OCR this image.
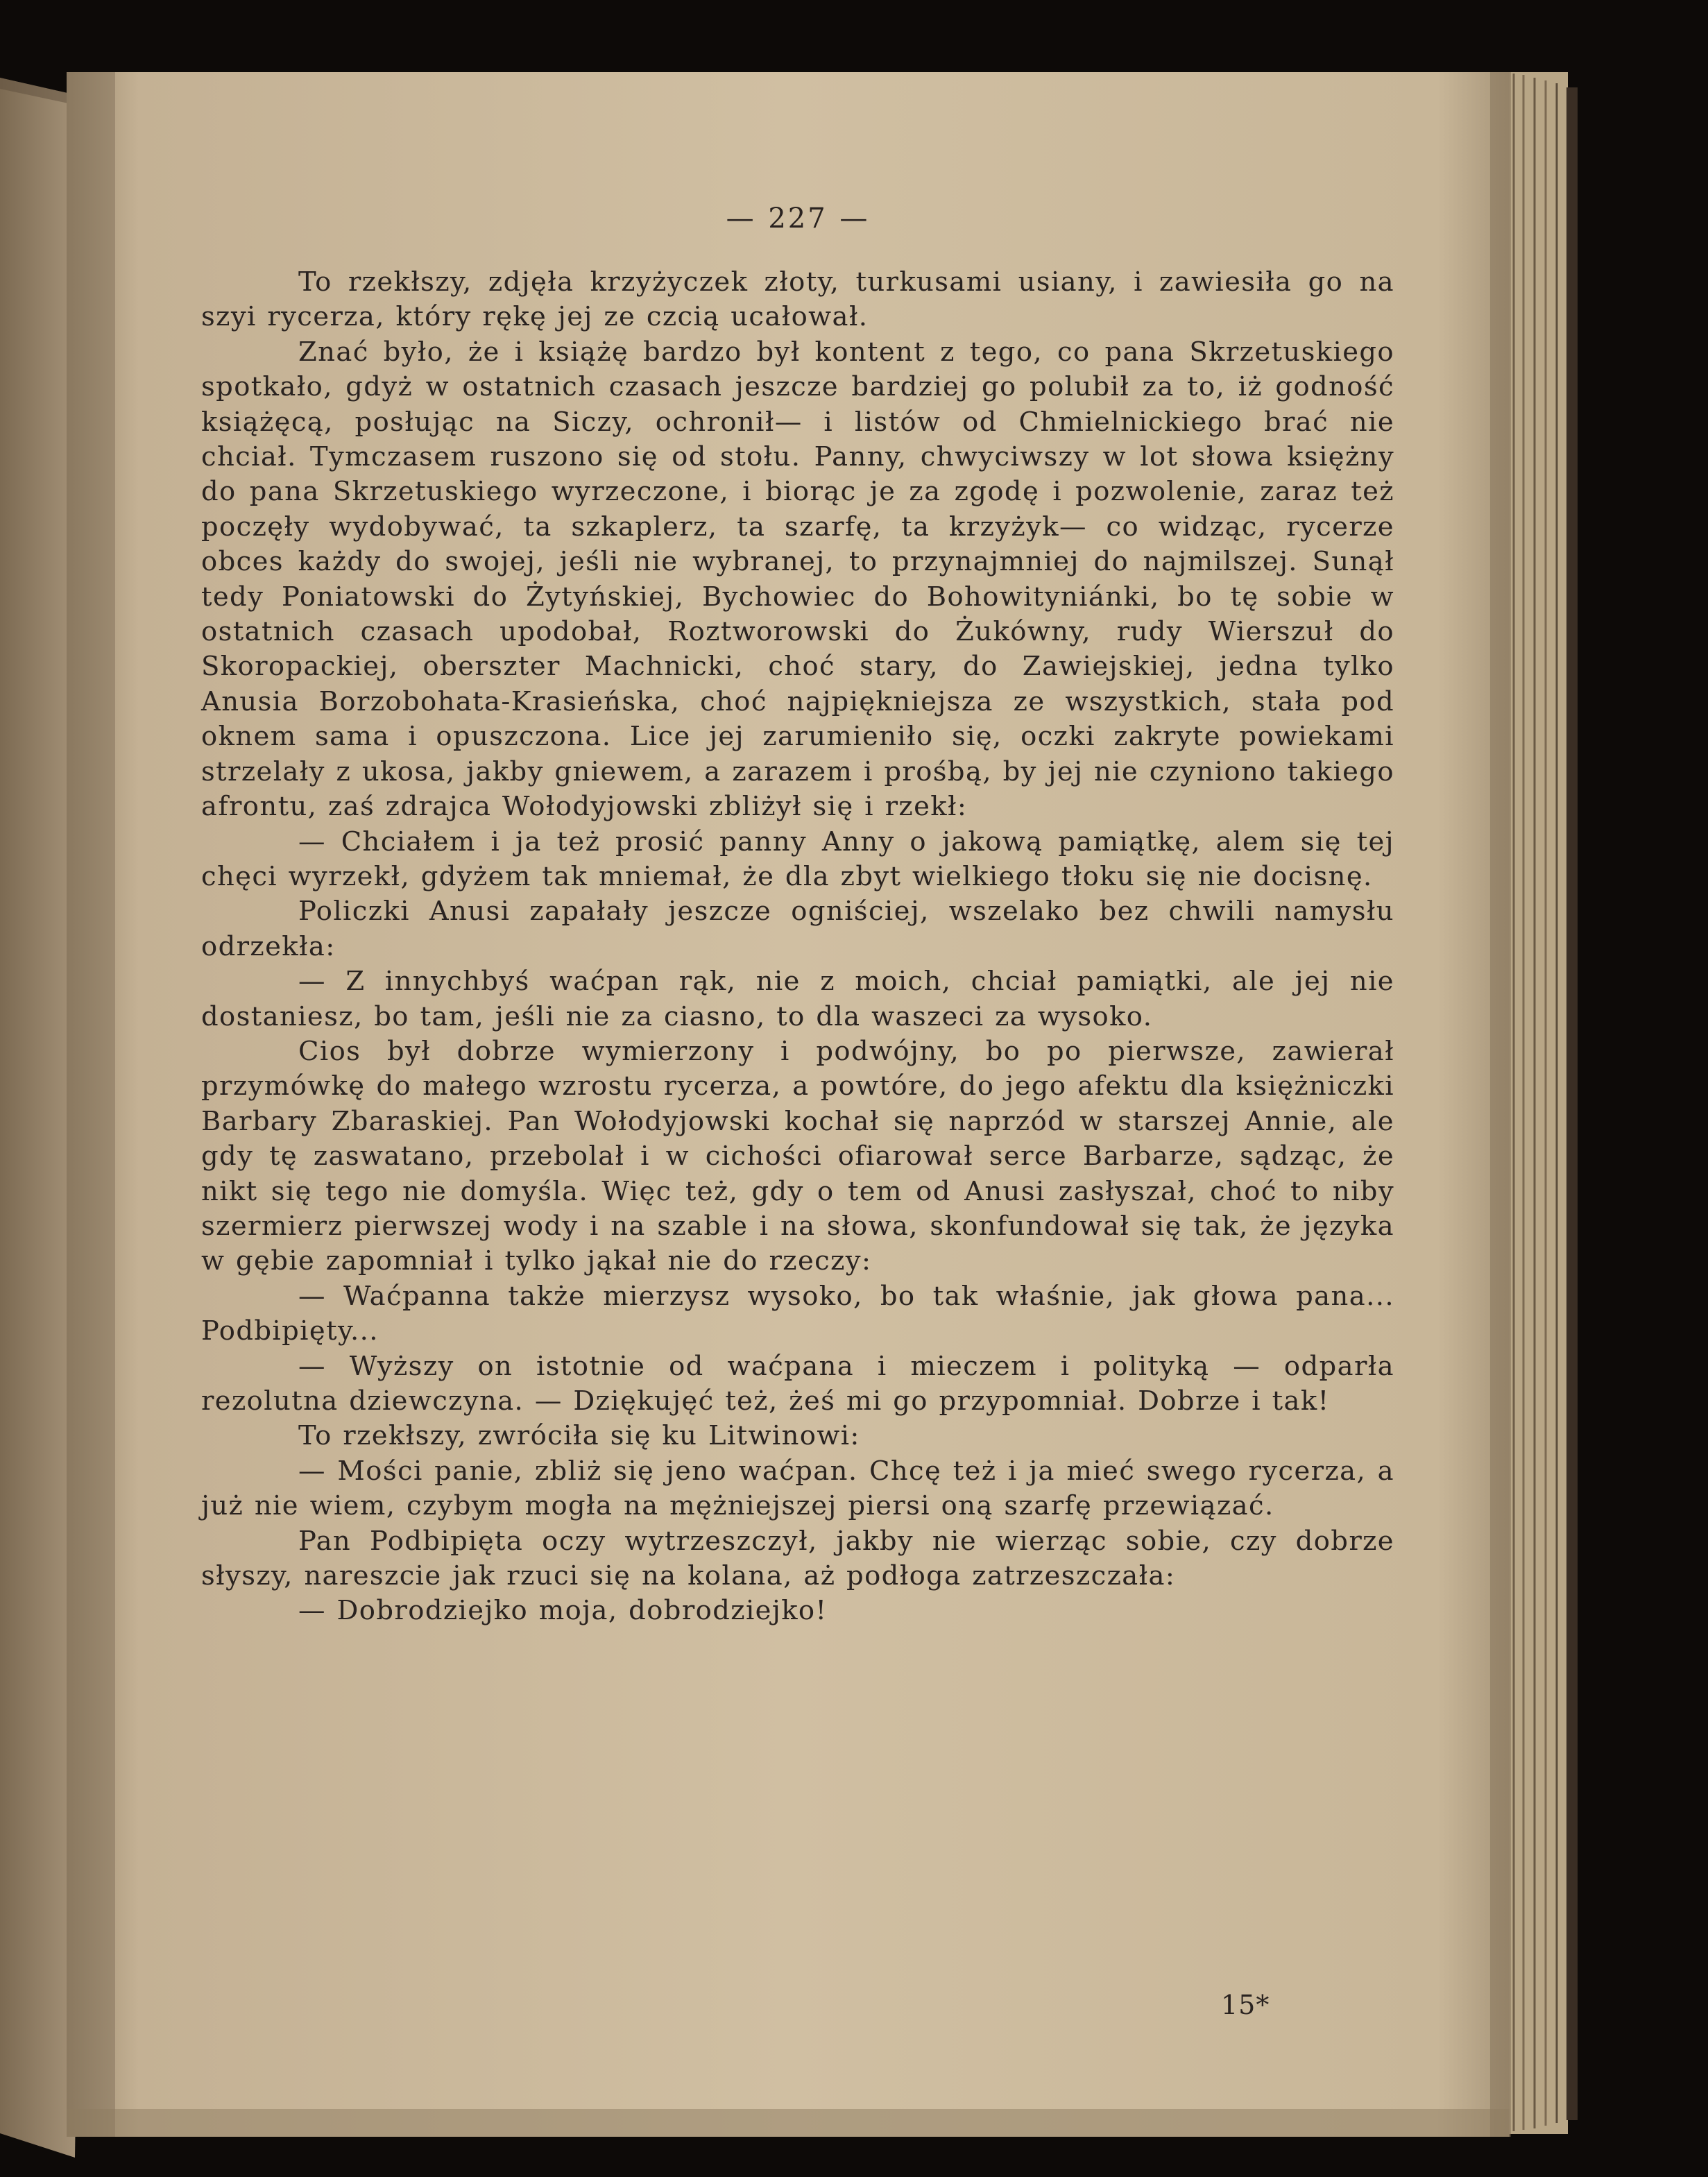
— 227 —

To rzekłszy, zdjęła krzyżyczek złoty, turkusami usiany, i zawiesiła go na szyi rycerza, który rękę jej ze czcią ucałował.

Znać było, że i książę bardzo był kontent z tego, co pana Skrzetuskiego spotkało, gdyż w ostatnich czasach jeszcze bardziej go polubił za to, iż godność książęcą, posłując na Siczy, ochronił— i listów od Chmielnickiego brać nie chciał. Tymczasem ruszono się od stołu. Panny, chwyciwszy w lot słowa księżny do pana Skrzetuskiego wyrzeczone, i biorąc je za zgodę i pozwolenie, zaraz też poczęły wydobywać, ta szkaplerz, ta szarfę, ta krzyżyk— co widząc, rycerze obces każdy do swojej, jeśli nie wybranej, to przynajmniej do najmilszej. Sunął tedy Poniatowski do Żytyńskiej, Bychowiec do Bohowityniánki, bo tę sobie w ostatnich czasach upodobał, Roztworowski do Żukówny, rudy Wierszuł do Skoropackiej, oberszter Machnicki, choć stary, do Zawiejskiej, jedna tylko Anusia Borzobohata-Krasieńska, choć najpiękniejsza ze wszystkich, stała pod oknem sama i opuszczona. Lice jej zarumieniło się, oczki zakryte powiekami strzelały z ukosa, jakby gniewem, a zarazem i prośbą, by jej nie czyniono takiego afrontu, zaś zdrajca Wołodyjowski zbliżył się i rzekł:

— Chciałem i ja też prosić panny Anny o jakową pamiątkę, alem się tej chęci wyrzekł, gdyżem tak mniemał, że dla zbyt wielkiego tłoku się nie docisnę.

Policzki Anusi zapałały jeszcze ogniściej, wszelako bez chwili namysłu odrzekła:

— Z innychbyś waćpan rąk, nie z moich, chciał pamiątki, ale jej nie dostaniesz, bo tam, jeśli nie za ciasno, to dla waszeci za wysoko.

Cios był dobrze wymierzony i podwójny, bo po pierwsze, zawierał przymówkę do małego wzrostu rycerza, a powtóre, do jego afektu dla księżniczki Barbary Zbaraskiej. Pan Wołodyjowski kochał się naprzód w starszej Annie, ale gdy tę zaswatano, przebolał i w cichości ofiarował serce Barbarze, sądząc, że nikt się tego nie domyśla. Więc też, gdy o tem od Anusi zasłyszał, choć to niby szermierz pierwszej wody i na szable i na słowa, skonfundował się tak, że języka w gębie zapomniał i tylko jąkał nie do rzeczy:

— Waćpanna także mierzysz wysoko, bo tak właśnie, jak głowa pana... Podbipięty...

— Wyższy on istotnie od waćpana i mieczem i polityką — odparła rezolutna dziewczyna. — Dziękujęć też, żeś mi go przypomniał. Dobrze i tak!

To rzekłszy, zwróciła się ku Litwinowi:

— Mości panie, zbliż się jeno waćpan. Chcę też i ja mieć swego rycerza, a już nie wiem, czybym mogła na mężniejszej piersi oną szarfę przewiązać.

Pan Podbipięta oczy wytrzeszczył, jakby nie wierząc sobie, czy dobrze słyszy, nareszcie jak rzuci się na kolana, aż podłoga zatrzeszczała:

— Dobrodziejko moja, dobrodziejko!

15*
